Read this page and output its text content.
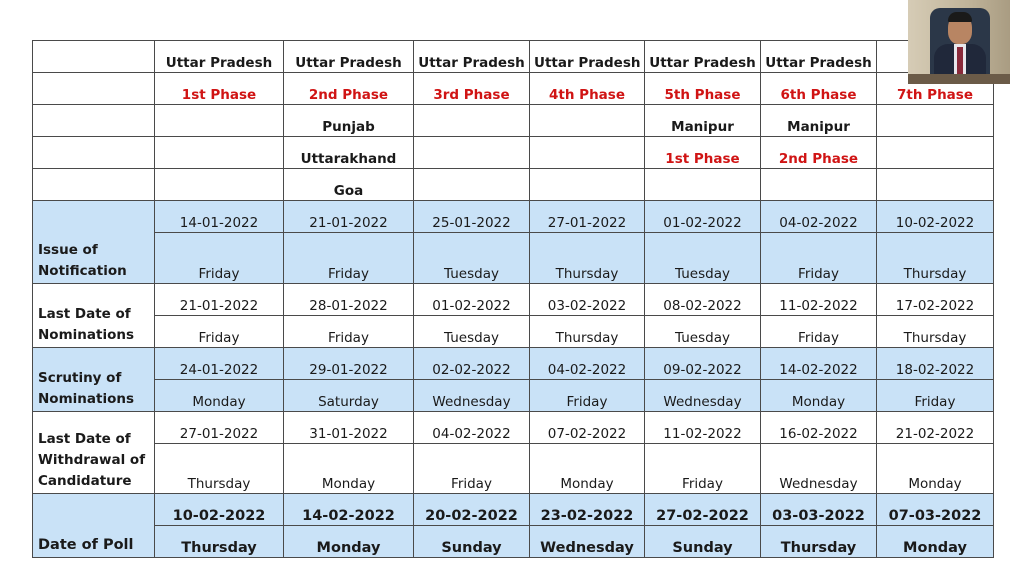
	Uttar Pradesh	Uttar Pradesh	Uttar Pradesh	Uttar Pradesh	Uttar Pradesh	Uttar Pradesh	
	1st Phase	2nd Phase	3rd Phase	4th Phase	5th Phase	6th Phase	7th Phase
		Punjab			Manipur	Manipur	
		Uttarakhand			1st Phase	2nd Phase	
		Goa					
Issue of Notification	14-01-2022	21-01-2022	25-01-2022	27-01-2022	01-02-2022	04-02-2022	10-02-2022
	Friday	Friday	Tuesday	Thursday	Tuesday	Friday	Thursday
Last Date of Nominations	21-01-2022	28-01-2022	01-02-2022	03-02-2022	08-02-2022	11-02-2022	17-02-2022
	Friday	Friday	Tuesday	Thursday	Tuesday	Friday	Thursday
Scrutiny of Nominations	24-01-2022	29-01-2022	02-02-2022	04-02-2022	09-02-2022	14-02-2022	18-02-2022
	Monday	Saturday	Wednesday	Friday	Wednesday	Monday	Friday
Last Date of Withdrawal of Candidature	27-01-2022	31-01-2022	04-02-2022	07-02-2022	11-02-2022	16-02-2022	21-02-2022
	Thursday	Monday	Friday	Monday	Friday	Wednesday	Monday
Date of Poll	10-02-2022	14-02-2022	20-02-2022	23-02-2022	27-02-2022	03-03-2022	07-03-2022
	Thursday	Monday	Sunday	Wednesday	Sunday	Thursday	Monday
